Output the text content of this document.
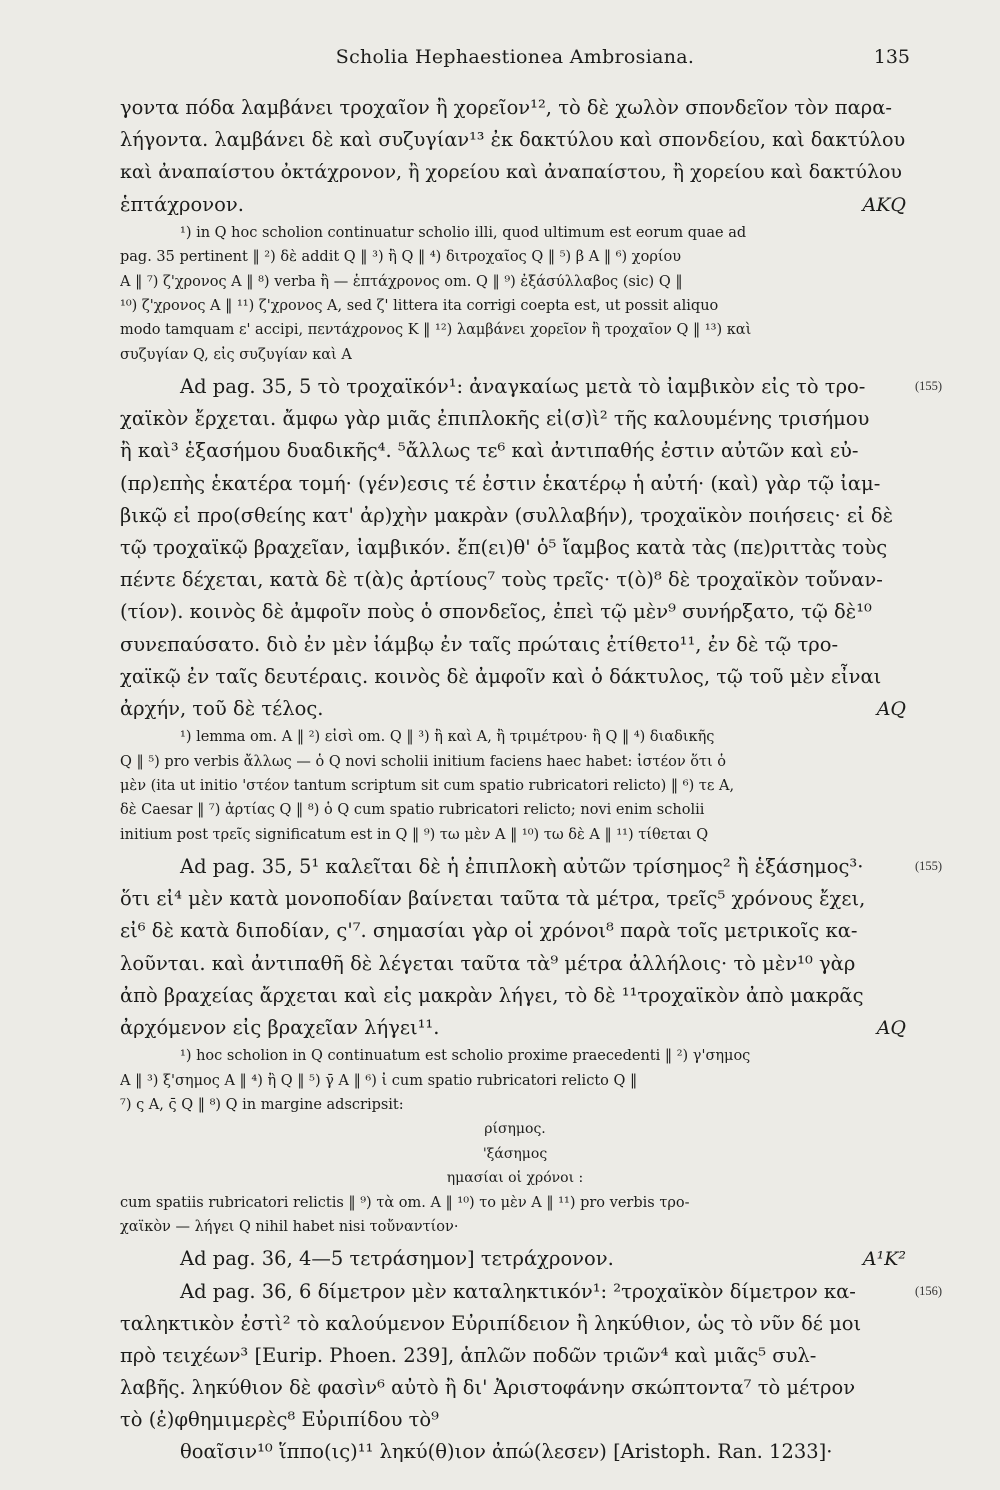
Scholia Hephaestionea Ambrosiana.	135
γοντα πόδα λαμβάνει τροχαῖον ἢ χορεῖον¹², τὸ δὲ χωλὸν σπονδεῖον τὸν παρα-
λήγοντα. λαμβάνει δὲ καὶ συζυγίαν¹³ ἐκ δακτύλου καὶ σπονδείου, καὶ δακτύλου
καὶ ἀναπαίστου ὀκτάχρονον, ἢ χορείου καὶ ἀναπαίστου, ἢ χορείου καὶ δακτύλου
AKQ
ἑπτάχρονον.
¹) in Q hoc scholion continuatur scholio illi, quod ultimum est eorum quae ad
pag. 35 pertinent ‖ ²) δὲ addit Q ‖ ³) ἢ Q ‖ ⁴) διτροχαῖος Q ‖ ⁵) β A ‖ ⁶) χορίου
A ‖ ⁷) ζ'χρονος A ‖ ⁸) verba ἢ — ἑπτάχρονος om. Q ‖ ⁹) ἐξάσύλλαβος (sic) Q ‖
¹⁰) ζ'χρονος A ‖ ¹¹) ζ'χρονος A, sed ζ' littera ita corrigi coepta est, ut possit aliquo
modo tamquam ε' accipi, πεντάχρονος K ‖ ¹²) λαμβάνει χορεῖον ἢ τροχαῖον Q ‖ ¹³) καὶ
συζυγίαν Q, εἰς συζυγίαν καὶ A
Ad pag. 35, 5 τὸ τροχαϊκόν¹: ἀναγκαίως μετὰ τὸ ἰαμβικὸν εἰς τὸ τρο-
χαϊκὸν ἔρχεται. ἄμφω γὰρ μιᾶς ἐπιπλοκῆς εἰ(σ)ὶ² τῆς καλουμένης τρισήμου
ἢ καὶ³ ἑξασήμου δυαδικῆς⁴. ⁵ἄλλως τε⁶ καὶ ἀντιπαθής ἐστιν αὐτῶν καὶ εὐ-
(πρ)επὴς ἑκατέρα τομή· (γέν)εσις τέ ἐστιν ἑκατέρῳ ἡ αὐτή· (καὶ) γὰρ τῷ ἰαμ-
βικῷ εἰ προ(σθείης κατ' ἀρ)χὴν μακρὰν (συλλαβήν), τροχαϊκὸν ποιήσεις· εἰ δὲ
τῷ τροχαϊκῷ βραχεῖαν, ἰαμβικόν. ἔπ(ει)θ' ὁ⁵ ἴαμβος κατὰ τὰς (πε)ριττὰς τοὺς
πέντε δέχεται, κατὰ δὲ τ(ὰ)ς ἀρτίους⁷ τοὺς τρεῖς· τ(ὸ)⁸ δὲ τροχαϊκὸν τοὔναν-
(τίον). κοινὸς δὲ ἀμφοῖν ποὺς ὁ σπονδεῖος, ἐπεὶ τῷ μὲν⁹ συνήρξατο, τῷ δὲ¹⁰
συνεπαύσατο. διὸ ἐν μὲν ἰάμβῳ ἐν ταῖς πρώταις ἐτίθετο¹¹, ἐν δὲ τῷ τρο-
χαϊκῷ ἐν ταῖς δευτέραις. κοινὸς δὲ ἀμφοῖν καὶ ὁ δάκτυλος, τῷ τοῦ μὲν εἶναι
AQ
ἀρχήν, τοῦ δὲ τέλος.
¹) lemma om. A ‖ ²) εἰσὶ om. Q ‖ ³) ἢ καὶ A, ἢ τριμέτρου· ἢ Q ‖ ⁴) διαδικῆς
Q ‖ ⁵) pro verbis ἄλλως — ὁ Q novi scholii initium faciens haec habet: ἰστέον ὅτι ὁ
μὲν (ita ut initio 'στέον tantum scriptum sit cum spatio rubricatori relicto) ‖ ⁶) τε A,
δὲ Caesar ‖ ⁷) ἀρτίας Q ‖ ⁸) ὁ Q cum spatio rubricatori relicto; novi enim scholii
initium post τρεῖς significatum est in Q ‖ ⁹) τω μὲν A ‖ ¹⁰) τω δὲ A ‖ ¹¹) τίθεται Q
Ad pag. 35, 5¹ καλεῖται δὲ ἡ ἐπιπλοκὴ αὐτῶν τρίσημος² ἢ ἑξάσημος³·
ὅτι εἰ⁴ μὲν κατὰ μονοποδίαν βαίνεται ταῦτα τὰ μέτρα, τρεῖς⁵ χρόνους ἔχει,
εἰ⁶ δὲ κατὰ διποδίαν, ς'⁷. σημασίαι γὰρ οἱ χρόνοι⁸ παρὰ τοῖς μετρικοῖς κα-
λοῦνται. καὶ ἀντιπαθῆ δὲ λέγεται ταῦτα τὰ⁹ μέτρα ἀλλήλοις· τὸ μὲν¹⁰ γὰρ
ἀπὸ βραχείας ἄρχεται καὶ εἰς μακρὰν λήγει, τὸ δὲ ¹¹τροχαϊκὸν ἀπὸ μακρᾶς
AQ
ἀρχόμενον εἰς βραχεῖαν λήγει¹¹.
¹) hoc scholion in Q continuatum est scholio proxime praecedenti ‖ ²) γ'σημος
A ‖ ³) ξ'σημος A ‖ ⁴) ἢ Q ‖ ⁵) γ̄ A ‖ ⁶) ἰ cum spatio rubricatori relicto Q ‖
⁷) ς A, ς̄ Q ‖ ⁸) Q in margine adscripsit:
ρίσημος.
'ξάσημος
ημασίαι οἱ χρόνοι :
cum spatiis rubricatori relictis ‖ ⁹) τὰ om. A ‖ ¹⁰) το μὲν A ‖ ¹¹) pro verbis τρο-
χαϊκὸν — λήγει Q nihil habet nisi τοὔναντίον·
A¹K²
Ad pag. 36, 4—5 τετράσημον] τετράχρονον.
Ad pag. 36, 6 δίμετρον μὲν καταληκτικόν¹: ²τροχαϊκὸν δίμετρον κα-
ταληκτικὸν ἐστὶ² τὸ καλούμενον Εὐριπίδειον ἢ ληκύθιον, ὡς τὸ νῦν δέ μοι
πρὸ τειχέων³ [Eurip. Phoen. 239], ἁπλῶν ποδῶν τριῶν⁴ καὶ μιᾶς⁵ συλ-
λαβῆς. ληκύθιον δὲ φασὶν⁶ αὐτὸ ἢ δι' Ἀριστοφάνην σκώπτοντα⁷ τὸ μέτρον
τὸ (ἐ)φθημιμερὲς⁸ Εὐριπίδου τὸ⁹
θοαῖσιν¹⁰ ἵππο(ις)¹¹ ληκύ(θ)ιον ἀπώ(λεσεν) [Aristoph. Ran. 1233]·
(155)
(155)
(156)
